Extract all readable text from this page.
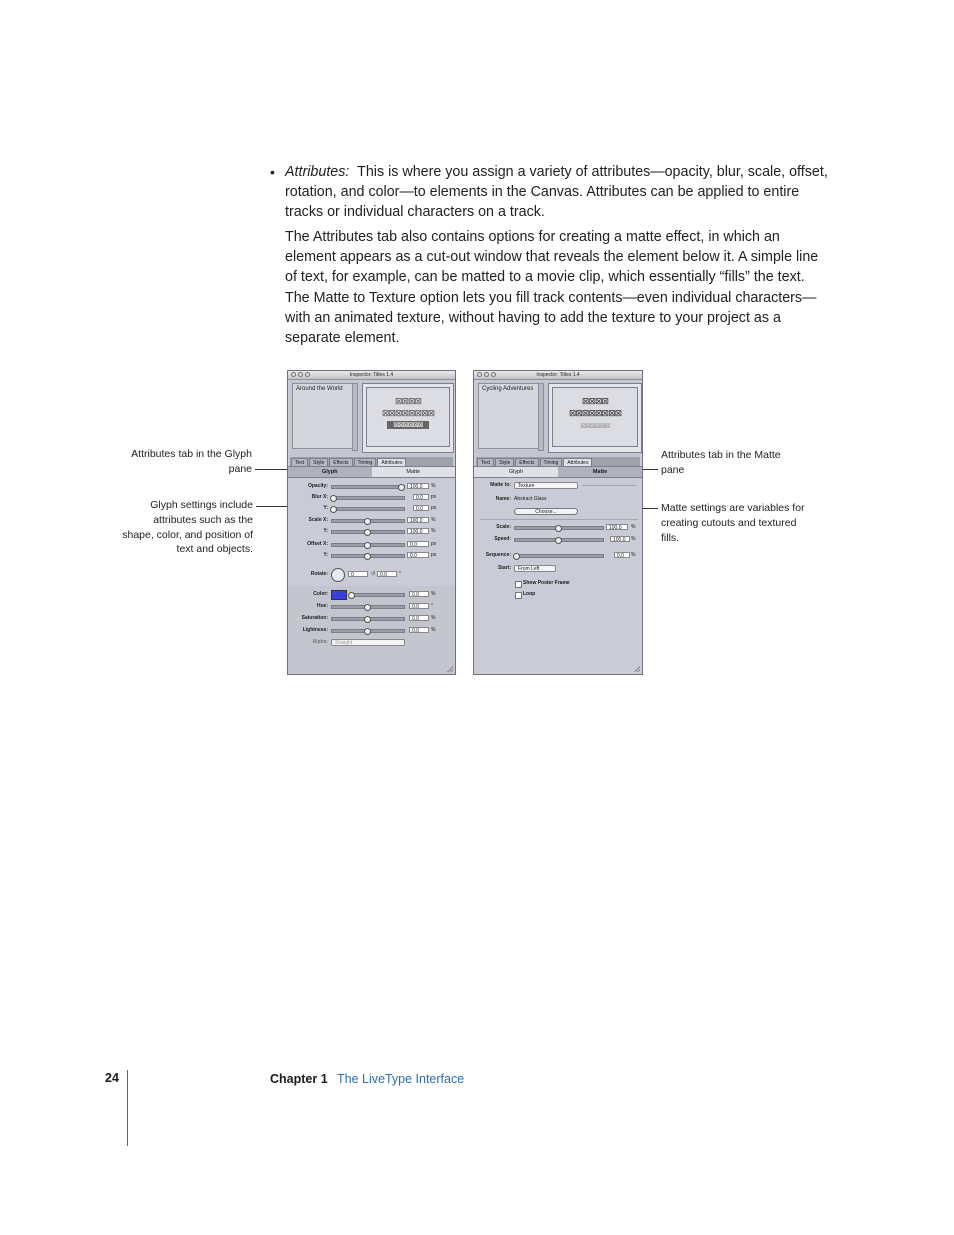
• Attributes: This is where you assign a variety of attributes—opacity, blur, scale, offset, rotation, and color—to elements in the Canvas. Attributes can be applied to entire tracks or individual characters on a track.
The Attributes tab also contains options for creating a matte effect, in which an element appears as a cut-out window that reveals the element below it. A simple line of text, for example, can be matted to a movie clip, which essentially “fills” the text. The Matte to Texture option lets you fill track contents—even individual characters—with an animated texture, without having to add the texture to your project as a separate element.
Attributes tab in the Glyph pane
Glyph settings include attributes such as the shape, color, and position of text and objects.
Attributes tab in the Matte pane
Matte settings are variables for creating cutouts and textured fills.
Inspector: Titles 1.4
Around the World
⊠⊠⊠⊠
⊠⊠⊠⊠⊠⊠⊠⊠
⊠⊠⊠⊠⊠⊠
Text	Style	Effects	Timing	Attributes
Glyph	Matte
Opacity:	100.0	%
Blur X:	0.0	px
Y:	0.0	px
Scale X:	100.0	%
Y:	100.0	%
Offset X:	0.0	px
Y:	0.0	px
Rotate:	0	↺ 0.0	°
Color:	0.0	%
Hue:	0.0	°
Saturation:	0.0	%
Lightness:	0.0	%
Alpha:	Straight
Inspector: Titles 1.4
Cycling Adventures
⊠⊠⊠⊠
⊠⊠⊠⊠⊠⊠⊠⊠
⊠⊠⊠⊠⊠⊠
Text	Style	Effects	Timing	Attributes
Glyph	Matte
Matte to:	Texture
Name: Abstract Glass
Choose...
Scale:	100.0	%
Speed:	100.0	%
Sequence:	0.0	%
Start:	From Left
Show Poster Frame
Loop
24	Chapter 1 The LiveType Interface
